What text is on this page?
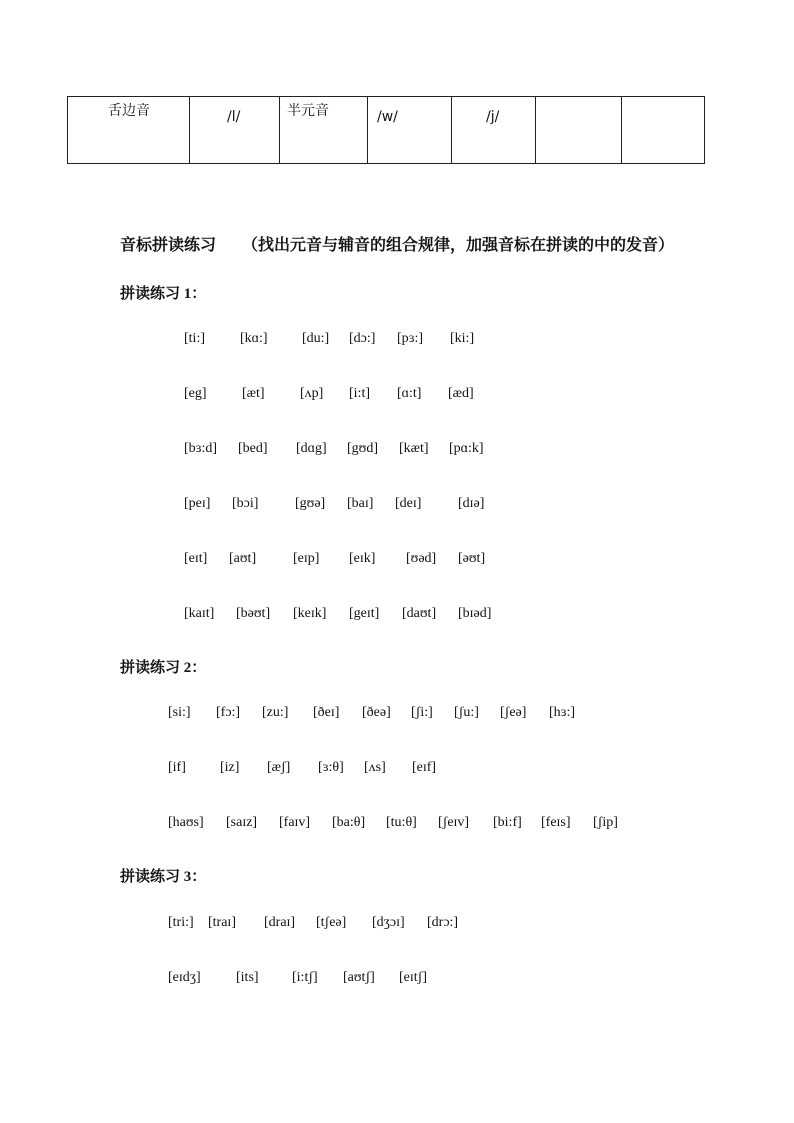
舌边音	/l/	半元音	/w/	/j/
音标拼读练习 （找出元音与辅音的组合规律，加强音标在拼读的中的发音）
拼读练习 1：
[ti:]	[kɑ:] [du:] [dɔ:] [pɜ:] [ki:]
[eg]	[æt]	[ʌp] [i:t] [ɑ:t] [æd]
[bɜ:d] [bed] [dɑg] [gʊd] [kæt] [pɑ:k]
[peɪ] [bɔi]	[gʊə] [baɪ] [deɪ]	[dɪə]
[eɪt] [aʊt]	[eɪp] [eɪk] [ʊəd] [əʊt]
[kaɪt] [bəʊt] [keɪk] [geɪt] [daʊt] [bɪəd]
拼读练习 2：
[si:] [fɔ:] [zu:] [ðeɪ] [ðeə] [ʃi:] [ʃu:] [ʃeə] [hɜ:]
[if] [iz] [æʃ] [ɜ:θ] [ʌs] [eɪf]
[haʊs] [saɪz] [faɪv] [ba:θ] [tu:θ] [ʃeɪv] [bi:f] [feɪs] [ʃip]
拼读练习 3：
[tri:] [traɪ] [draɪ] [tʃeə] [dʒɔɪ] [drɔ:]
[eɪdʒ]	[its] [i:tʃ] [aʊtʃ] [eɪtʃ]
